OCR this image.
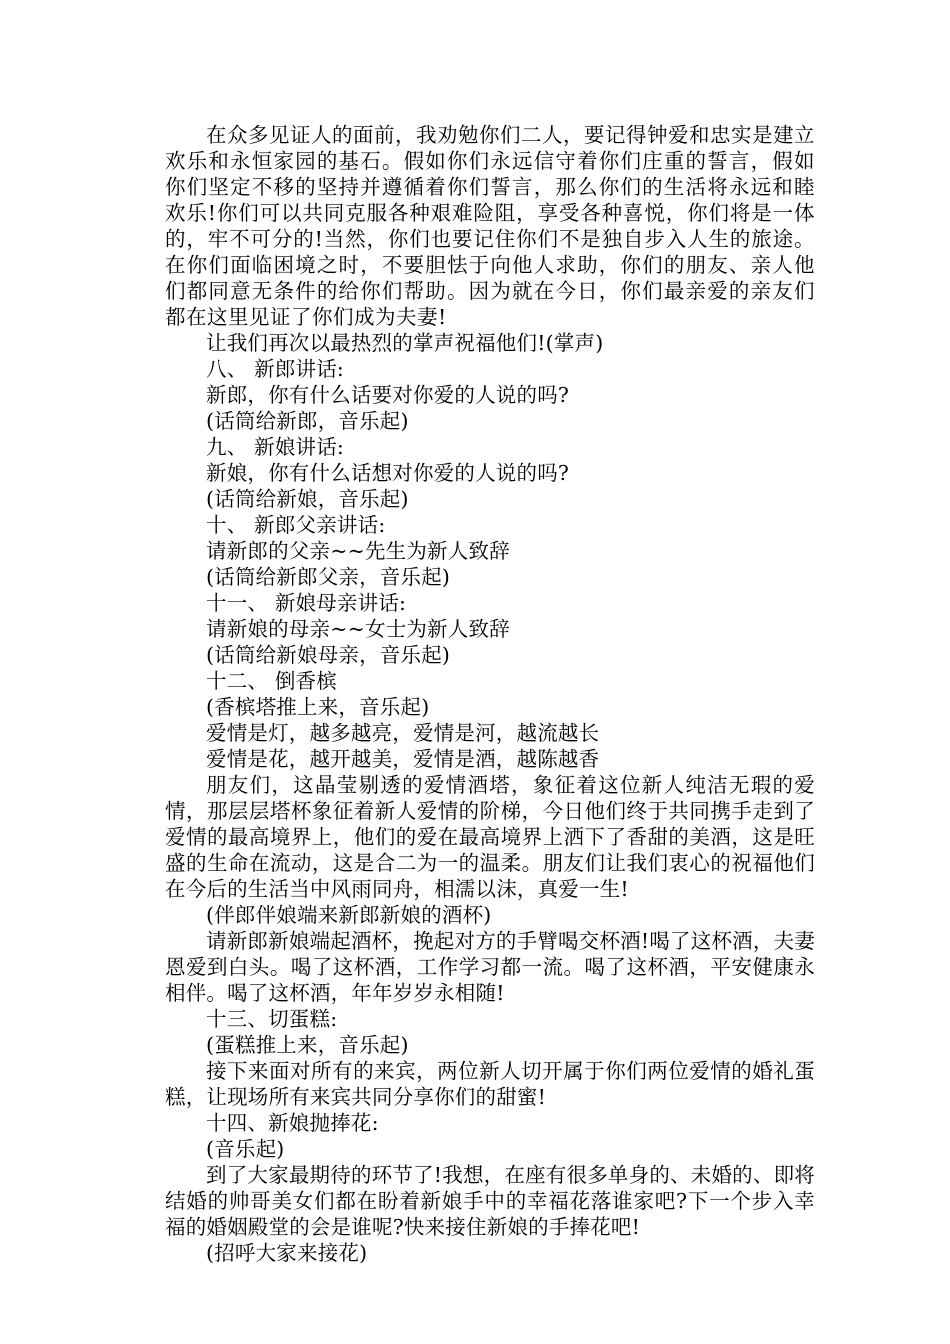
在众多见证人的面前，我劝勉你们二人，要记得钟爱和忠实是建立欢乐和永恒家园的基石。假如你们永远信守着你们庄重的誓言，假如你们坚定不移的坚持并遵循着你们誓言，那么你们的生活将永远和睦欢乐!你们可以共同克服各种艰难险阻，享受各种喜悦，你们将是一体的，牢不可分的!当然，你们也要记住你们不是独自步入人生的旅途。在你们面临困境之时，不要胆怯于向他人求助，你们的朋友、亲人他们都同意无条件的给你们帮助。因为就在今日，你们最亲爱的亲友们都在这里见证了你们成为夫妻!

让我们再次以最热烈的掌声祝福他们!(掌声)

八、 新郎讲话:

新郎，你有什么话要对你爱的人说的吗?

(话筒给新郎，音乐起)

九、 新娘讲话:

新娘，你有什么话想对你爱的人说的吗?

(话筒给新娘，音乐起)

十、 新郎父亲讲话:

请新郎的父亲~~先生为新人致辞

(话筒给新郎父亲，音乐起)

十一、 新娘母亲讲话:

请新娘的母亲~~女士为新人致辞

(话筒给新娘母亲，音乐起)

十二、 倒香槟

(香槟塔推上来，音乐起)

爱情是灯，越多越亮，爱情是河，越流越长

爱情是花，越开越美，爱情是酒，越陈越香

朋友们，这晶莹剔透的爱情酒塔，象征着这位新人纯洁无瑕的爱情，那层层塔杯象征着新人爱情的阶梯，今日他们终于共同携手走到了爱情的最高境界上，他们的爱在最高境界上洒下了香甜的美酒，这是旺盛的生命在流动，这是合二为一的温柔。朋友们让我们衷心的祝福他们在今后的生活当中风雨同舟，相濡以沫，真爱一生!

(伴郎伴娘端来新郎新娘的酒杯)

请新郎新娘端起酒杯，挽起对方的手臂喝交杯酒!喝了这杯酒，夫妻恩爱到白头。喝了这杯酒，工作学习都一流。喝了这杯酒，平安健康永相伴。喝了这杯酒，年年岁岁永相随!

十三、切蛋糕:

(蛋糕推上来，音乐起)

接下来面对所有的来宾，两位新人切开属于你们两位爱情的婚礼蛋糕，让现场所有来宾共同分享你们的甜蜜!

十四、新娘抛捧花:

(音乐起)

到了大家最期待的环节了!我想，在座有很多单身的、未婚的、即将结婚的帅哥美女们都在盼着新娘手中的幸福花落谁家吧?下一个步入幸福的婚姻殿堂的会是谁呢?快来接住新娘的手捧花吧!

(招呼大家来接花)
